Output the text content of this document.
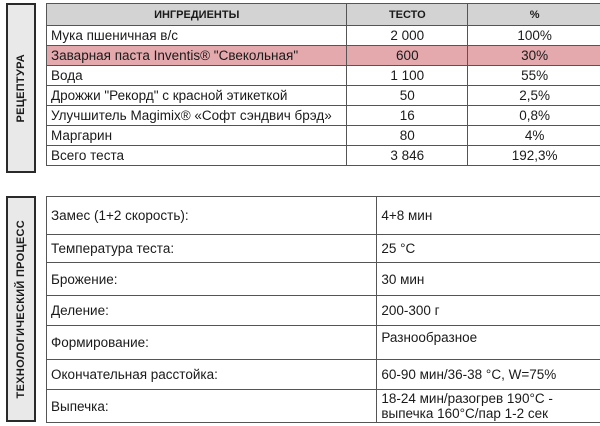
РЕЦЕПТУРА
ИНГРЕДИЕНТЫ	ТЕСТО	%
Мука пшеничная в/с	2 000	100%
Заварная паста Inventis® "Свекольная"	600	30%
Вода	1 100	55%
Дрожжи "Рекорд" с красной этикеткой	50	2,5%
Улучшитель Magimix® «Софт сэндвич брэд»	16	0,8%
Маргарин	80	4%
Всего теста	3 846	192,3%
ТЕХНОЛОГИЧЕСКИЙ ПРОЦЕСС
Замес (1+2 скорость):	4+8 мин
Температура теста:	25 °С
Брожение:	30 мин
Деление:	200-300 г
Формирование:	Разнообразное
Окончательная расстойка:	60-90 мин/36-38 °С, W=75%
Выпечка:	18-24 мин/разогрев 190°С - выпечка 160°С/пар 1-2 сек
